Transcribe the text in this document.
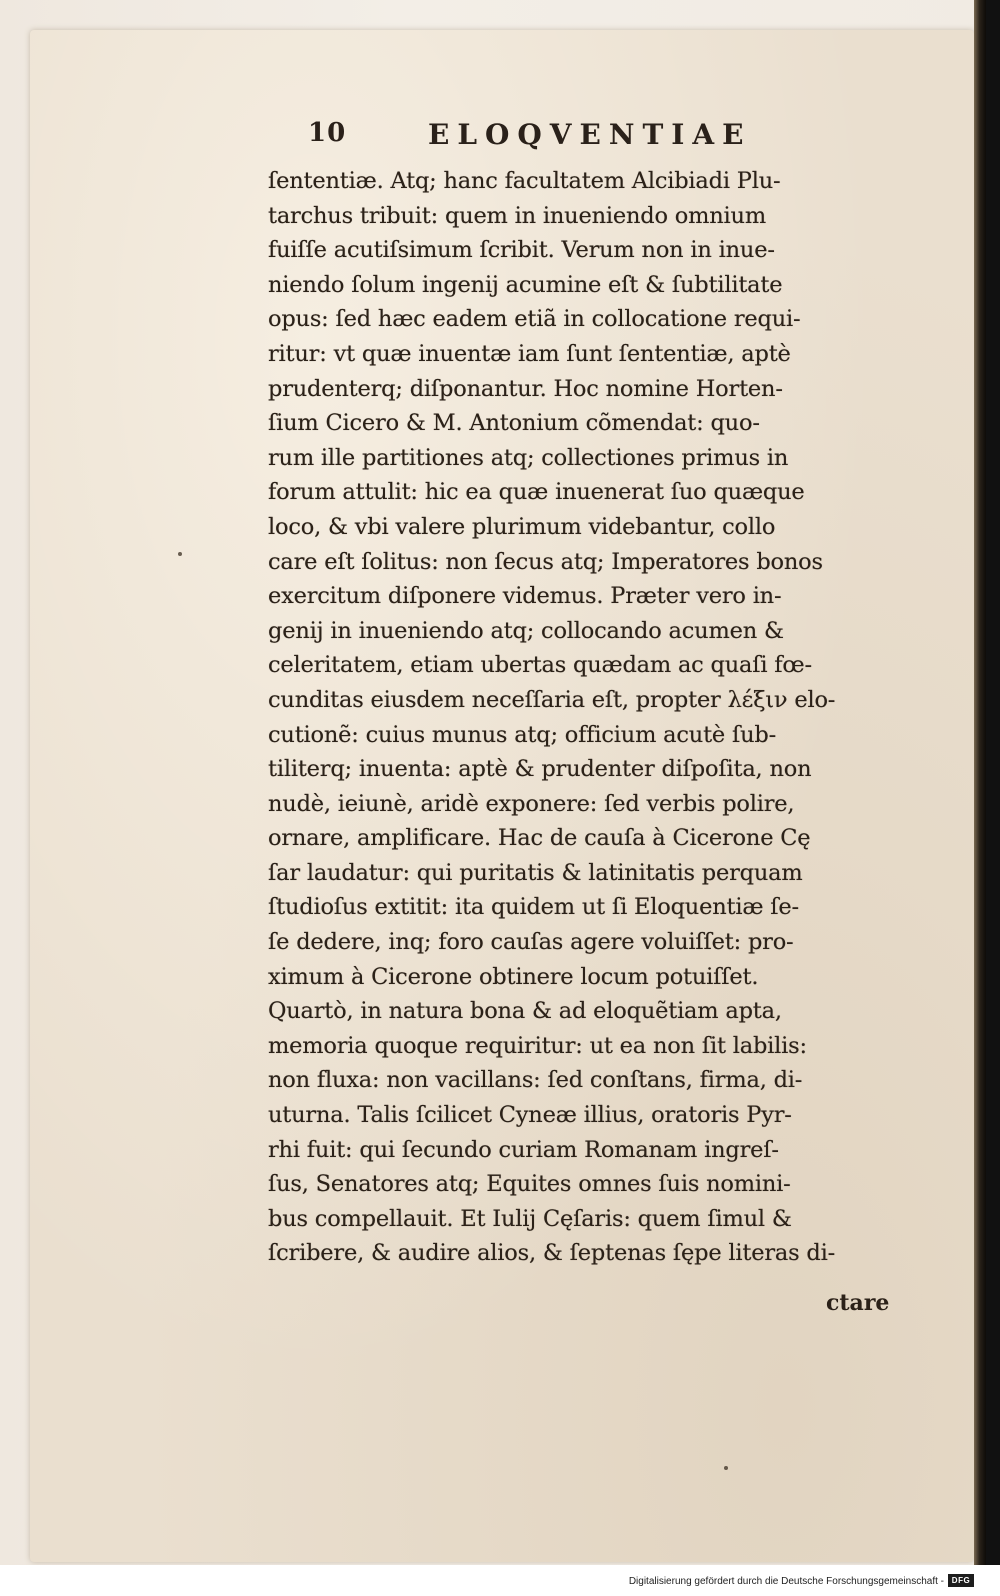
10	ELOQVENTIAE
ſententiæ. Atq; hanc facultatem Alcibiadi Plu-
tarchus tribuit: quem in inueniendo omnium
fuiſſe acutiſsimum ſcribit. Verum non in inue-
niendo ſolum ingenij acumine eſt & ſubtilitate
opus: ſed hæc eadem etiã in collocatione requi-
ritur: vt quæ inuentæ iam ſunt ſententiæ, aptè
prudenterq; diſponantur. Hoc nomine Horten-
ſium Cicero & M. Antonium cõmendat: quo-
rum ille partitiones atq; collectiones primus in
forum attulit: hic ea quæ inuenerat ſuo quæque
loco, & vbi valere plurimum videbantur, collo
care eſt ſolitus: non ſecus atq; Imperatores bonos
exercitum diſponere videmus. Præter vero in-
genij in inueniendo atq; collocando acumen &
celeritatem, etiam ubertas quædam ac quaſi fœ-
cunditas eiusdem neceſſaria eſt, propter λέξιν elo-
cutionẽ: cuius munus atq; officium acutè ſub-
tiliterq; inuenta: aptè & prudenter diſpoſita, non
nudè, ieiunè, aridè exponere: ſed verbis polire,
ornare, amplificare. Hac de cauſa à Cicerone Cę
ſar laudatur: qui puritatis & latinitatis perquam
ſtudioſus extitit: ita quidem ut ſi Eloquentiæ ſe-
ſe dedere, inq; foro cauſas agere voluiſſet: pro-
ximum à Cicerone obtinere locum potuiſſet.
Quartò, in natura bona & ad eloquẽtiam apta,
memoria quoque requiritur: ut ea non ſit labilis:
non fluxa: non vacillans: ſed conſtans, firma, di-
uturna. Talis ſcilicet Cyneæ illius, oratoris Pyr-
rhi fuit: qui ſecundo curiam Romanam ingreſ-
ſus, Senatores atq; Equites omnes ſuis nomini-
bus compellauit. Et Iulij Cęſaris: quem ſimul &
ſcribere, & audire alios, & ſeptenas ſępe literas di-
ctare
Digitalisierung gefördert durch die Deutsche Forschungsgemeinschaft - DFG
